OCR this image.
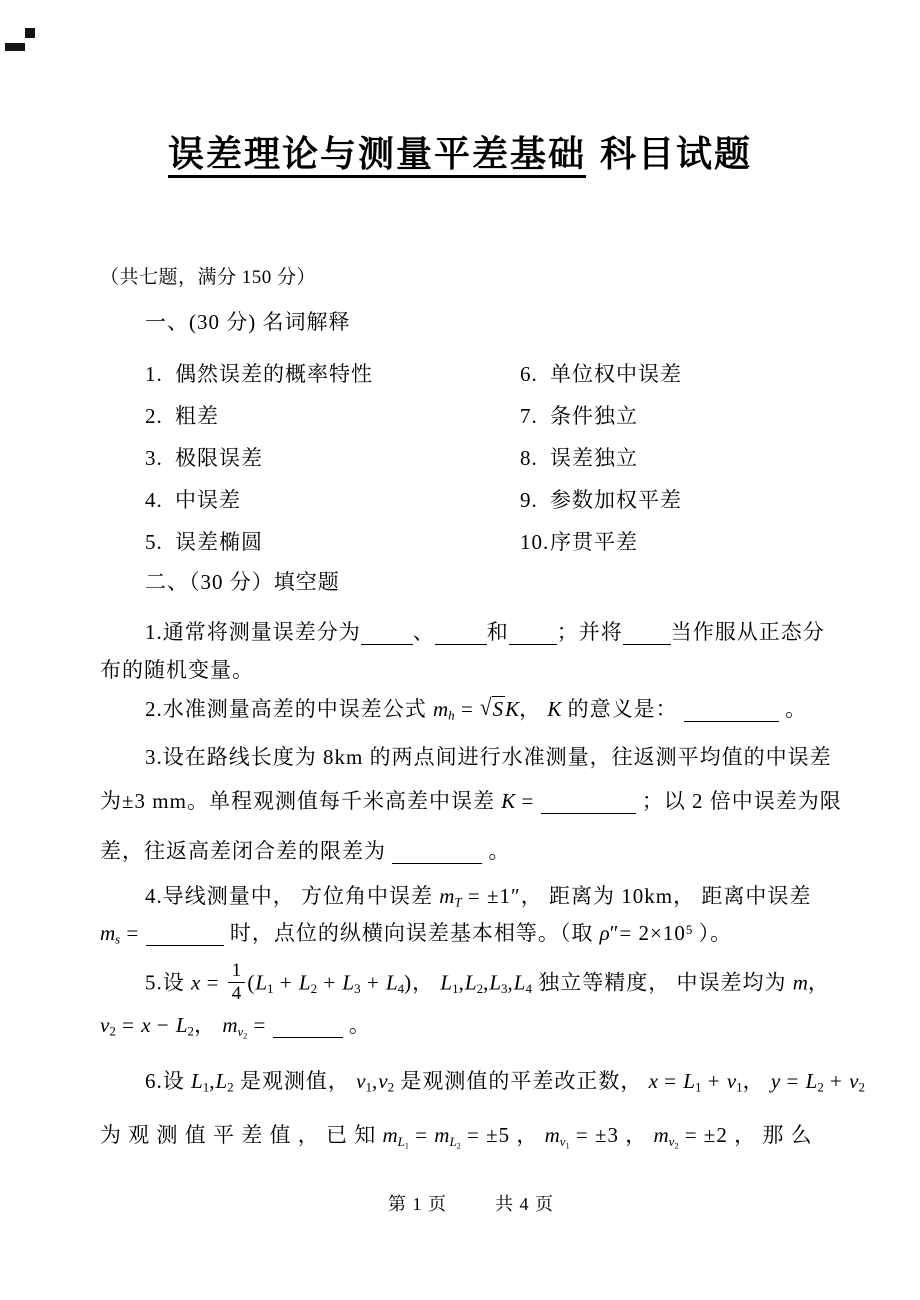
误差理论与测量平差基础 科目试题
（共七题，满分 150 分）
一、(30 分) 名词解释
1. 偶然误差的概率特性
2. 粗差
3. 极限误差
4. 中误差
5. 误差椭圆
6. 单位权中误差
7. 条件独立
8. 误差独立
9. 参数加权平差
10.序贯平差
二、（30 分）填空题
1.通常将测量误差分为 、 和 ；并将 当作服从正态分
布的随机变量。
2.水准测量高差的中误差公式 $m_h = √SK$， K 的意义是：	。
3.设在路线长度为 8km 的两点间进行水准测量，往返测平均值的中误差
为±3 mm。单程观测值每千米高差中误差 K =	；以 2 倍中误差为限
差，往返高差闭合差的限差为	。
4.导线测量中， 方位角中误差 $m_T = \pm 1''$， 距离为 10km， 距离中误差
$m_s$ =	时，点位的纵横向误差基本相等。（取 $\rho''= 2\times 10^5$ ）。
5.设 $x = \frac{1}{4} (L_1 + L_2 + L_3 + L_4)$， $L_1,L_2,L_3,L_4$ 独立等精度， 中误差均为 m，
$v_2 = x - L_2$， $m_{v_2}$ =	。
6.设 $L_1,L_2$ 是观测值， $v_1,v_2$ 是观测值的平差改正数， $x = L_1 + v_1$， $y = L_2 + v_2$
为 观 测 值 平 差 值 ， 已 知 $m_{L_1} = m_{L_2} = \pm 5$ ， $m_{v_1} = \pm 3$ ， $m_{v_2} = \pm 2$ ， 那 么
第 1 页	共 4 页
